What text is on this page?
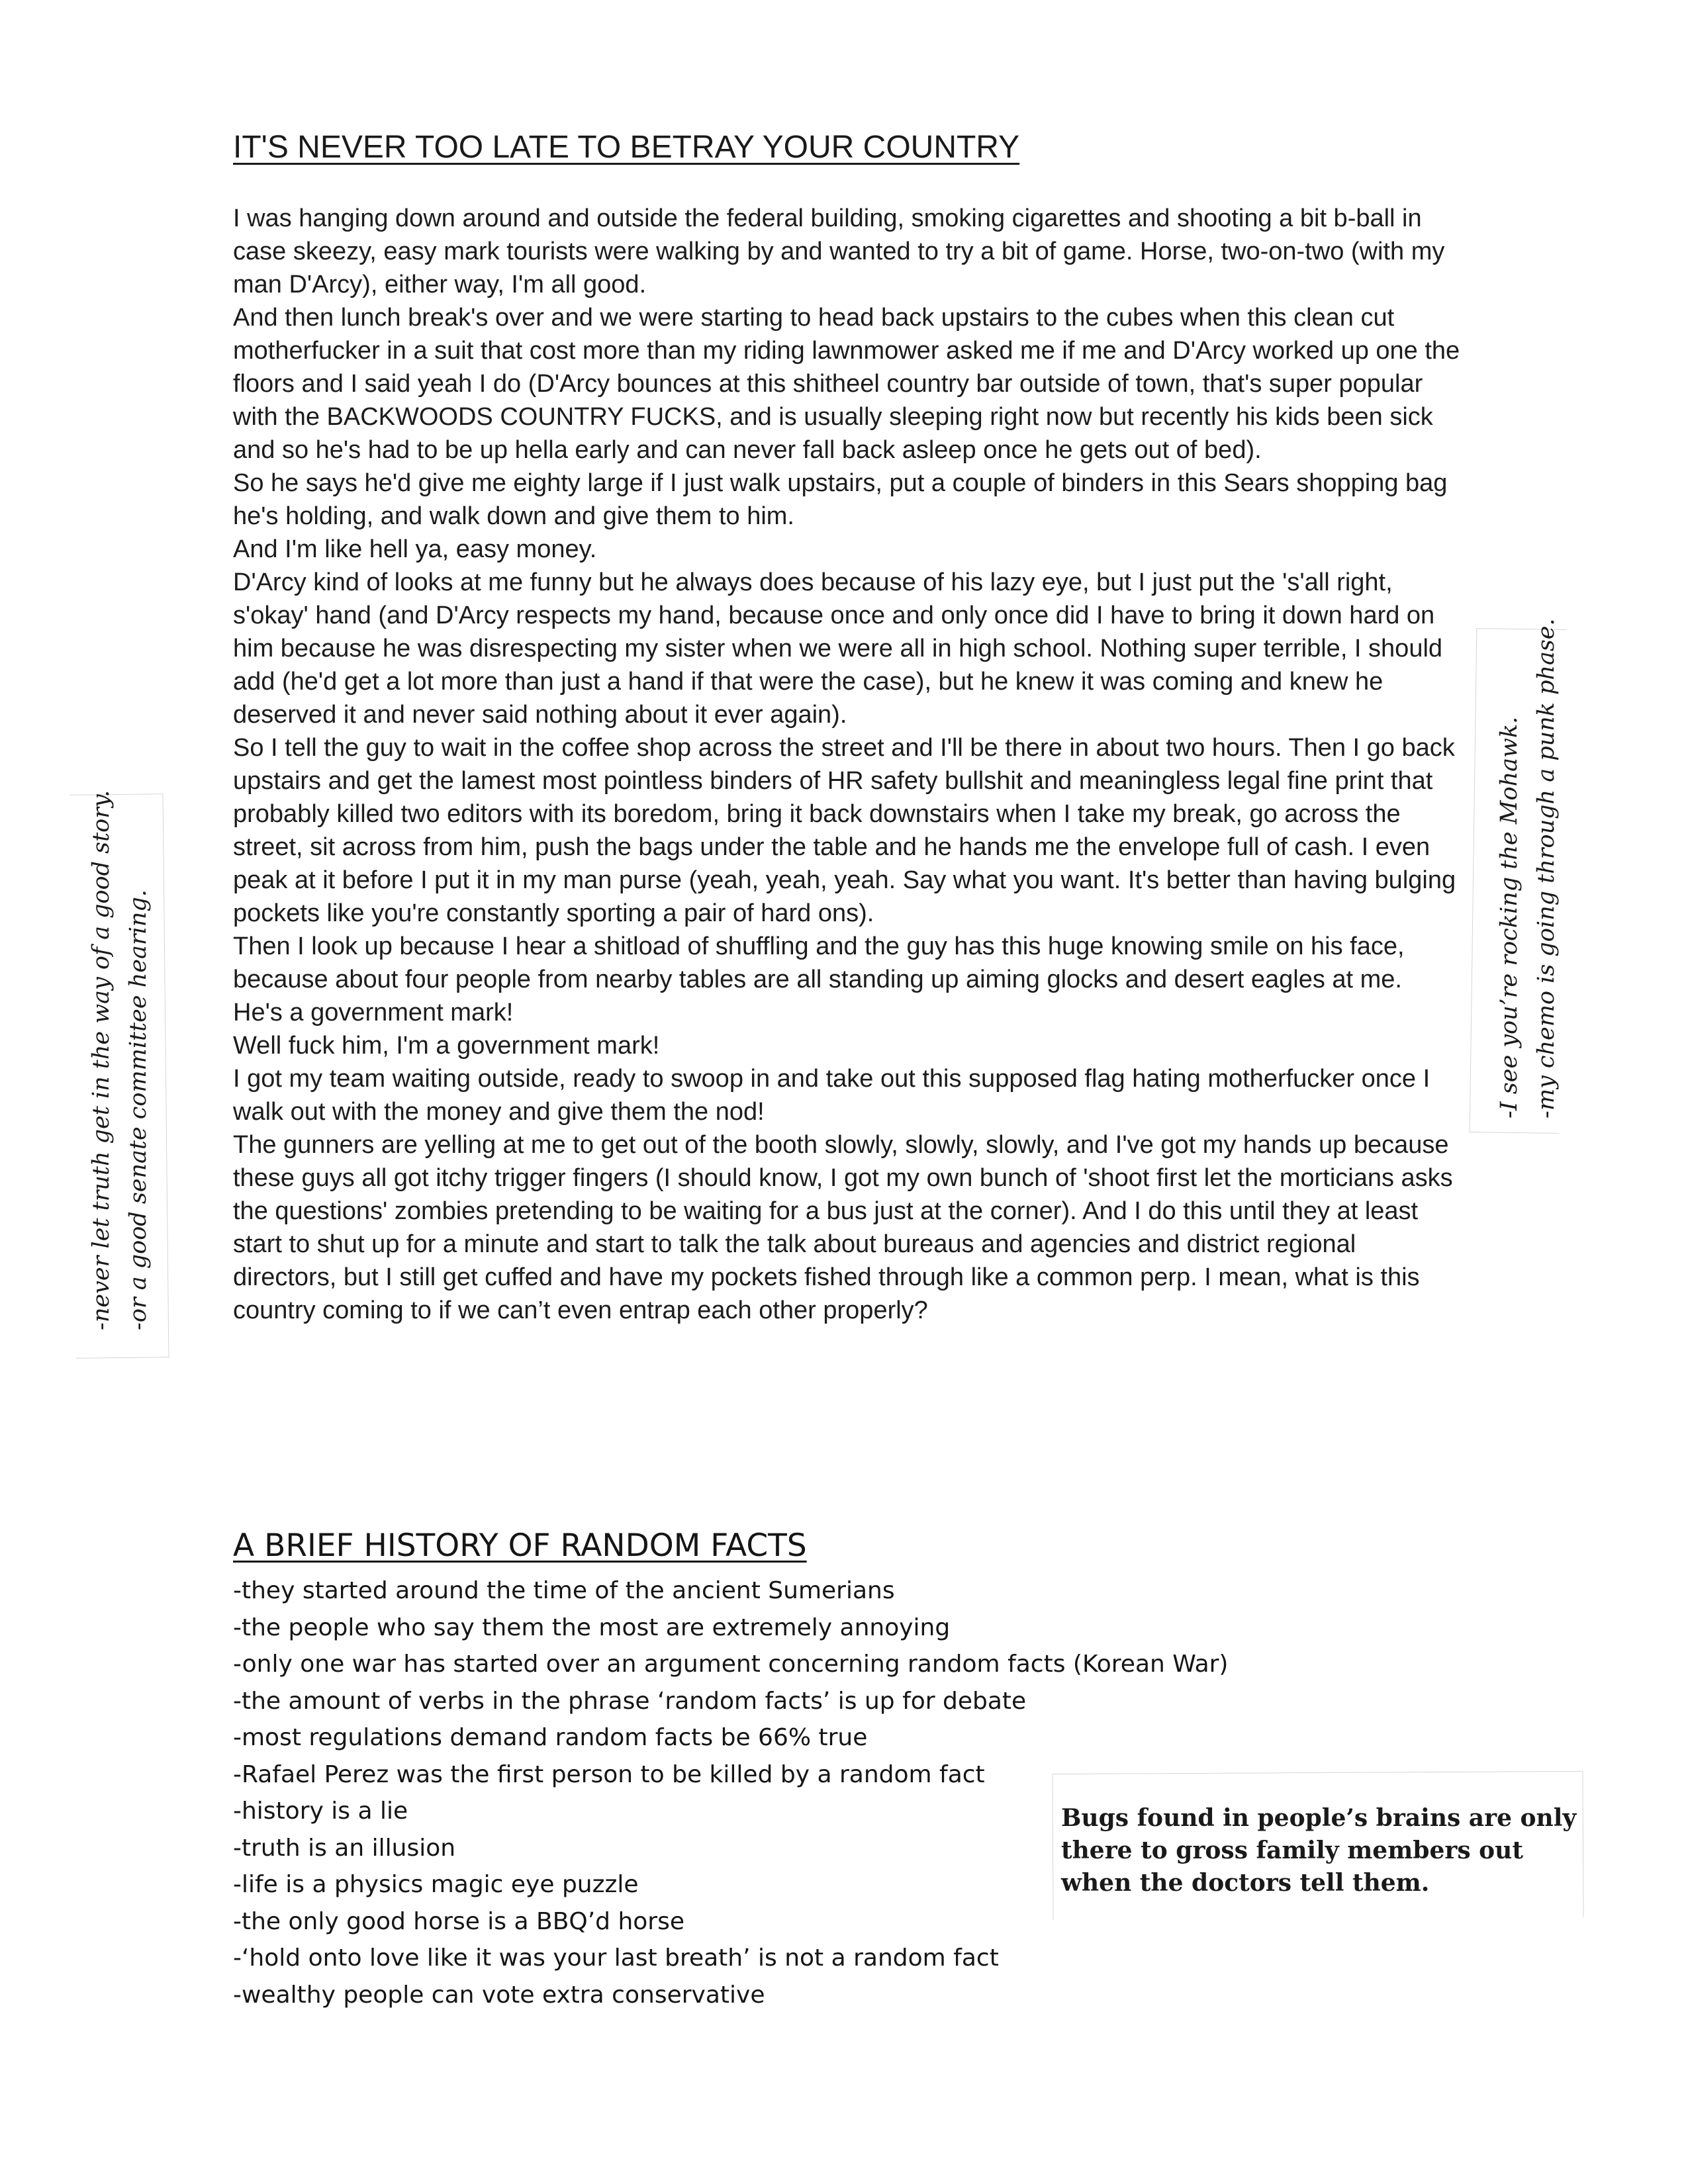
IT'S NEVER TOO LATE TO BETRAY YOUR COUNTRY

I was hanging down around and outside the federal building, smoking cigarettes and shooting a bit b-ball in case skeezy, easy mark tourists were walking by and wanted to try a bit of game. Horse, two-on-two (with my man D'Arcy), either way, I'm all good.

And then lunch break's over and we were starting to head back upstairs to the cubes when this clean cut motherfucker in a suit that cost more than my riding lawnmower asked me if me and D'Arcy worked up one the floors and I said yeah I do (D'Arcy bounces at this shitheel country bar outside of town, that's super popular with the BACKWOODS COUNTRY FUCKS, and is usually sleeping right now but recently his kids been sick and so he's had to be up hella early and can never fall back asleep once he gets out of bed).

So he says he'd give me eighty large if I just walk upstairs, put a couple of binders in this Sears shopping bag he's holding, and walk down and give them to him.

And I'm like hell ya, easy money.

D'Arcy kind of looks at me funny but he always does because of his lazy eye, but I just put the 's'all right, s'okay' hand (and D'Arcy respects my hand, because once and only once did I have to bring it down hard on him because he was disrespecting my sister when we were all in high school. Nothing super terrible, I should add (he'd get a lot more than just a hand if that were the case), but he knew it was coming and knew he deserved it and never said nothing about it ever again).

So I tell the guy to wait in the coffee shop across the street and I'll be there in about two hours. Then I go back upstairs and get the lamest most pointless binders of HR safety bullshit and meaningless legal fine print that probably killed two editors with its boredom, bring it back downstairs when I take my break, go across the street, sit across from him, push the bags under the table and he hands me the envelope full of cash. I even peak at it before I put it in my man purse (yeah, yeah, yeah. Say what you want. It's better than having bulging pockets like you're constantly sporting a pair of hard ons).

Then I look up because I hear a shitload of shuffling and the guy has this huge knowing smile on his face, because about four people from nearby tables are all standing up aiming glocks and desert eagles at me.

He's a government mark!

Well fuck him, I'm a government mark!

I got my team waiting outside, ready to swoop in and take out this supposed flag hating motherfucker once I walk out with the money and give them the nod!

The gunners are yelling at me to get out of the booth slowly, slowly, slowly, and I've got my hands up because these guys all got itchy trigger fingers (I should know, I got my own bunch of 'shoot first let the morticians asks the questions' zombies pretending to be waiting for a bus just at the corner). And I do this until they at least start to shut up for a minute and start to talk the talk about bureaus and agencies and district regional directors, but I still get cuffed and have my pockets fished through like a common perp. I mean, what is this country coming to if we can’t even entrap each other properly?

A BRIEF HISTORY OF RANDOM FACTS
-they started around the time of the ancient Sumerians
-the people who say them the most are extremely annoying
-only one war has started over an argument concerning random facts (Korean War)
-the amount of verbs in the phrase ‘random facts’ is up for debate
-most regulations demand random facts be 66% true
-Rafael Perez was the first person to be killed by a random fact
-history is a lie
-truth is an illusion
-life is a physics magic eye puzzle
-the only good horse is a BBQ’d horse
-‘hold onto love like it was your last breath’ is not a random fact
-wealthy people can vote extra conservative
-never let truth get in the way of a good story. -or a good senate committee hearing.	-I see you’re rocking the Mohawk. -my chemo is going through a punk phase.
Bugs found in people’s brains are only there to gross family members out when the doctors tell them.
